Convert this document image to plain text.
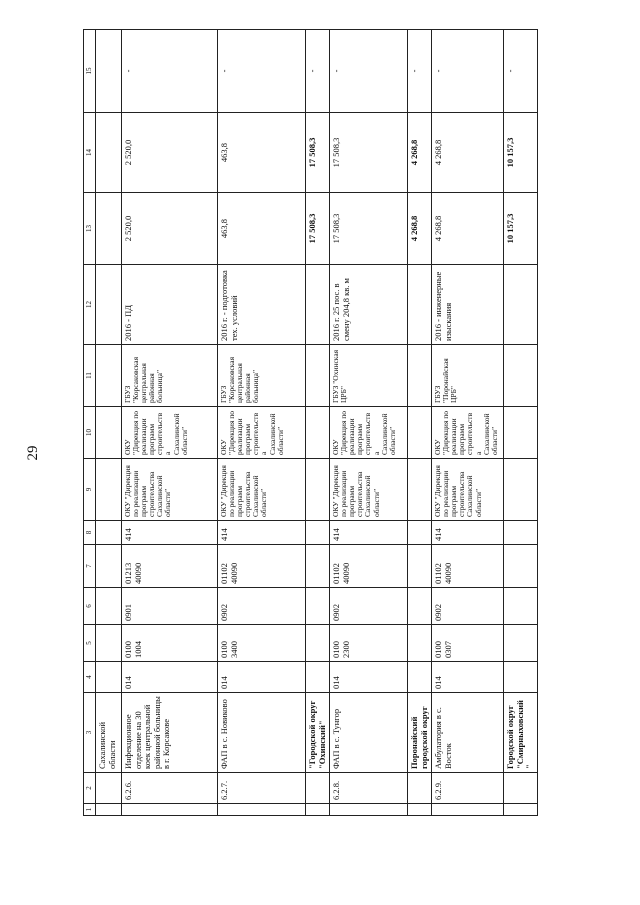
29
1	2	3	4	5	6	7	8	9	10	11	12	13	14	15
		Сахалинской области												
	6.2.6.	Инфекционное отделение на 30 коек центральной районной больницы в г. Корсакове	014	0100 1004	0901	01213 40090	414	ОКУ "Дирекция по реализации программ строительства Сахалинской области"	ОКУ "Дирекция по реализации программ строительства Сахалинской области"	ГБУЗ "Корсаковская центральная районная больница"	2016 - ПД	2 520,0	2 520,0	-
	6.2.7.	ФАП в с. Новиково	014	0100 3400	0902	01102 40090	414	ОКУ "Дирекция по реализации программ строительства Сахалинской области"	ОКУ "Дирекция по реализации программ строительства Сахалинской области"	ГБУЗ "Корсаковская центральная районная больница"	2016 г. - подготовка тех. условий	463,8	463,8	-
		"Городской округ "Охинский"										17 508,3	17 508,3	-
	6.2.8.	ФАП в с. Тунгор	014	0100 2300	0902	01102 40090	414	ОКУ "Дирекция по реализации программ строительства Сахалинской области"	ОКУ "Дирекция по реализации программ строительства Сахалинской области"	ГБУЗ "Охинская ЦРБ"	2016 г. 25 пос. в смену 204,8 кв. м	17 508,3	17 508,3	-
		Поронайский городской округ										4 268,8	4 268,8	-
	6.2.9.	Амбулатория в с. Восток	014	0100 0307	0902	01102 40090	414	ОКУ "Дирекция по реализации программ строительства Сахалинской области"	ОКУ "Дирекция по реализации программ строительства Сахалинской области"	ГБУЗ "Поронайская ЦРБ"	2016 - инженерные изыскания	4 268,8	4 268,8	-
		Городской округ "Смирныховский"										10 157,3	10 157,3	-
